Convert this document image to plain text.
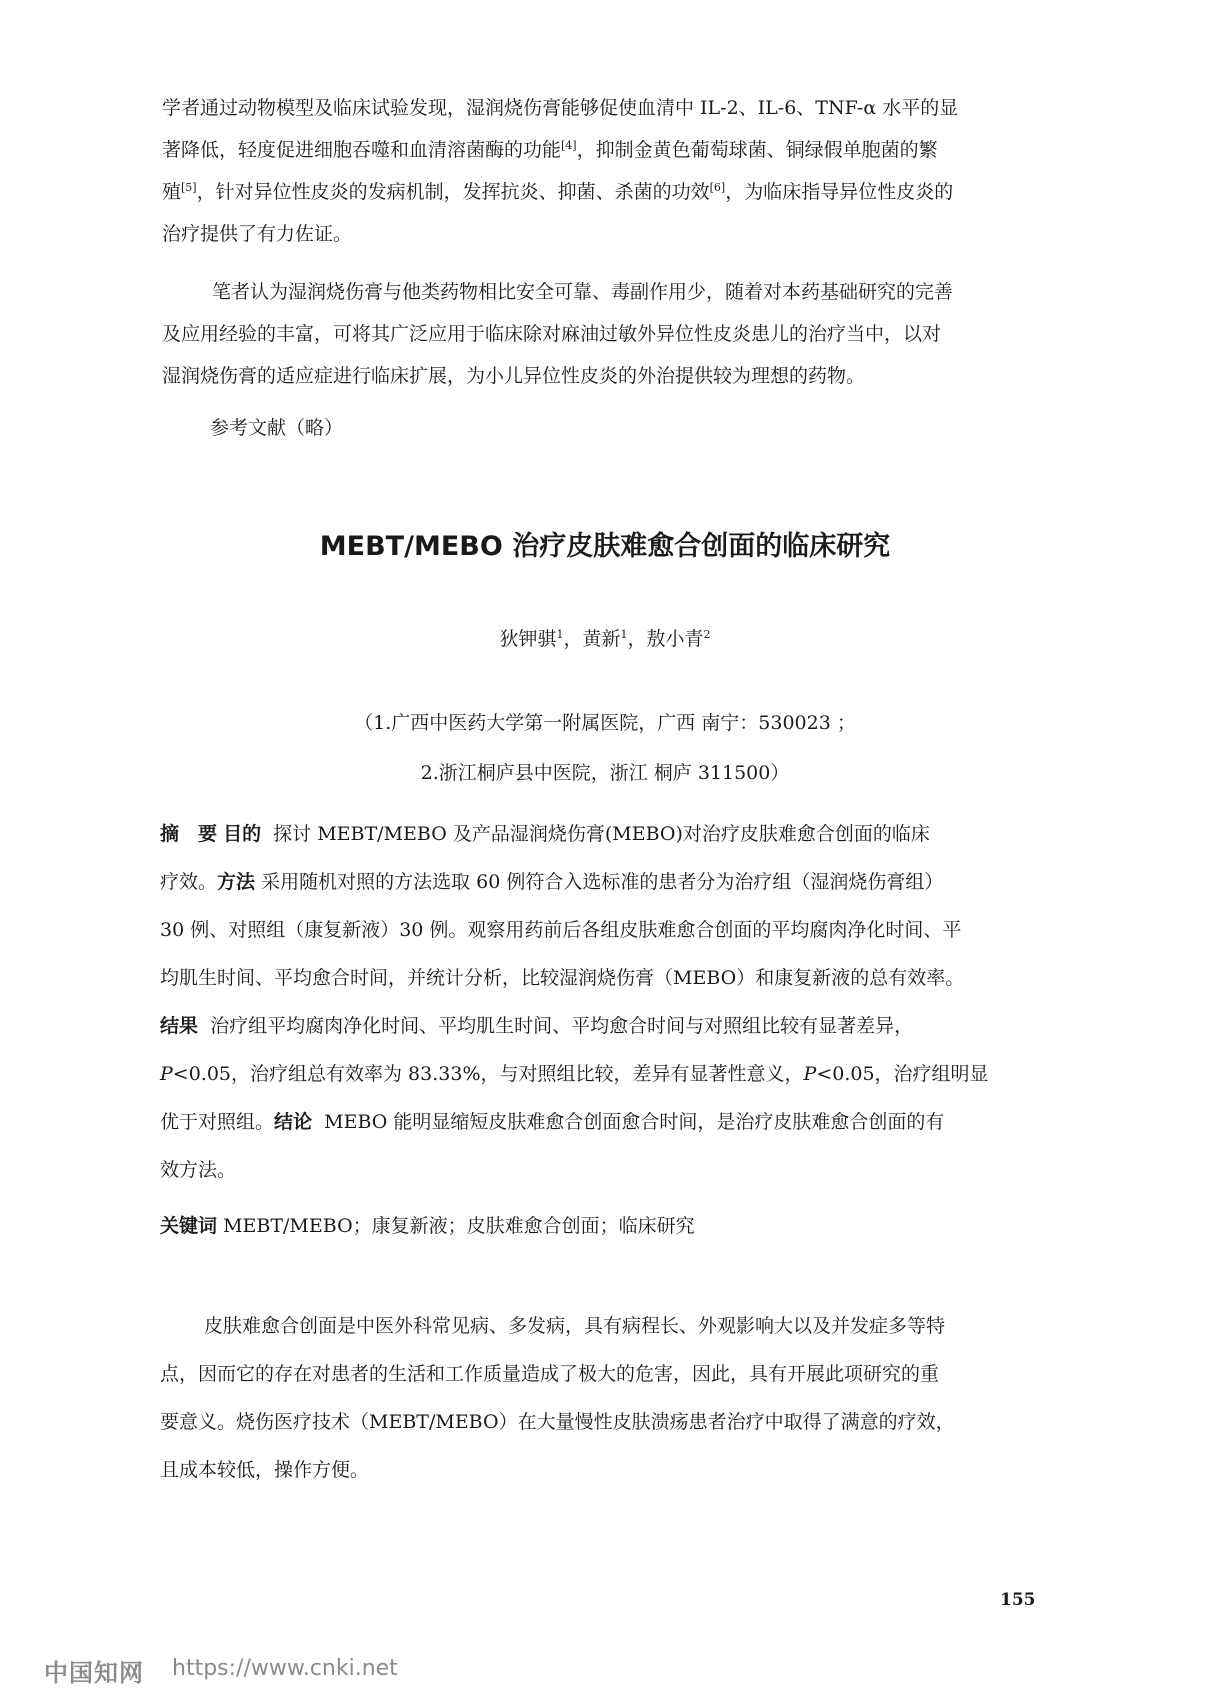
学者通过动物模型及临床试验发现，湿润烧伤膏能够促使血清中 IL-2、IL-6、TNF-α 水平的显

著降低，轻度促进细胞吞噬和血清溶菌酶的功能[4]，抑制金黄色葡萄球菌、铜绿假单胞菌的繁

殖[5]，针对异位性皮炎的发病机制，发挥抗炎、抑菌、杀菌的功效[6]，为临床指导异位性皮炎的

治疗提供了有力佐证。

笔者认为湿润烧伤膏与他类药物相比安全可靠、毒副作用少，随着对本药基础研究的完善

及应用经验的丰富，可将其广泛应用于临床除对麻油过敏外异位性皮炎患儿的治疗当中，以对

湿润烧伤膏的适应症进行临床扩展，为小儿异位性皮炎的外治提供较为理想的药物。

参考文献（略）

MEBT/MEBO 治疗皮肤难愈合创面的临床研究

狄钾骐$^1$，黄新$^1$，敖小青$^2$

（1.广西中医药大学第一附属医院，广西 南宁：530023 ；

2.浙江桐庐县中医院，浙江 桐庐 311500）

摘　要 目的 探讨 MEBT/MEBO 及产品湿润烧伤膏(MEBO)对治疗皮肤难愈合创面的临床

疗效。方法 采用随机对照的方法选取 60 例符合入选标准的患者分为治疗组（湿润烧伤膏组）

30 例、对照组（康复新液）30 例。观察用药前后各组皮肤难愈合创面的平均腐肉净化时间、平

均肌生时间、平均愈合时间，并统计分析，比较湿润烧伤膏（MEBO）和康复新液的总有效率。

结果 治疗组平均腐肉净化时间、平均肌生时间、平均愈合时间与对照组比较有显著差异，

P<0.05，治疗组总有效率为 83.33%，与对照组比较，差异有显著性意义，P<0.05，治疗组明显

优于对照组。结论 MEBO 能明显缩短皮肤难愈合创面愈合时间，是治疗皮肤难愈合创面的有

效方法。

关键词 MEBT/MEBO；康复新液；皮肤难愈合创面；临床研究

皮肤难愈合创面是中医外科常见病、多发病，具有病程长、外观影响大以及并发症多等特

点，因而它的存在对患者的生活和工作质量造成了极大的危害，因此，具有开展此项研究的重

要意义。烧伤医疗技术（MEBT/MEBO）在大量慢性皮肤溃疡患者治疗中取得了满意的疗效，

且成本较低，操作方便。

155
中国知网 https://www.cnki.net
